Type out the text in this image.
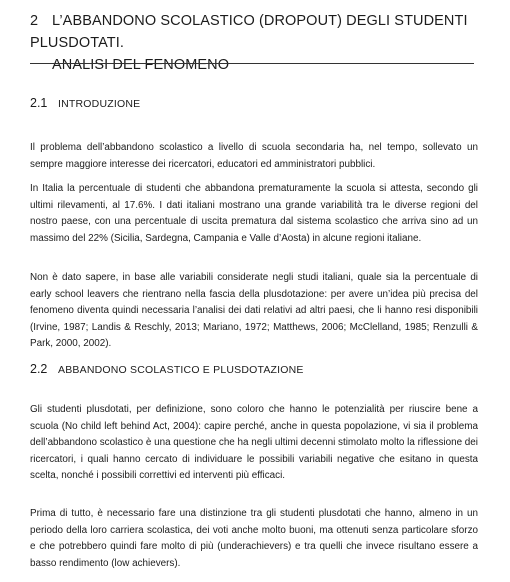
2 L’ABBANDONO SCOLASTICO (DROPOUT) DEGLI STUDENTI PLUSDOTATI.
ANALISI DEL FENOMENO
2.1 INTRODUZIONE

Il problema dell’abbandono scolastico a livello di scuola secondaria ha, nel tempo, sollevato un sempre maggiore interesse dei ricercatori, educatori ed amministratori pubblici.

In Italia la percentuale di studenti che abbandona prematuramente la scuola si attesta, secondo gli ultimi rilevamenti, al 17.6%. I dati italiani mostrano una grande variabilità tra le diverse regioni del nostro paese, con una percentuale di uscita prematura dal sistema scolastico che arriva sino ad un massimo del 22% (Sicilia, Sardegna, Campania e Valle d’Aosta) in alcune regioni italiane.

Non è dato sapere, in base alle variabili considerate negli studi italiani, quale sia la percentuale di early school leavers che rientrano nella fascia della plusdotazione: per avere un’idea più precisa del fenomeno diventa quindi necessaria l’analisi dei dati relativi ad altri paesi, che li hanno resi disponibili (Irvine, 1987; Landis & Reschly, 2013; Mariano, 1972; Matthews, 2006; McClelland, 1985; Renzulli & Park, 2000, 2002).

2.2 ABBANDONO SCOLASTICO E PLUSDOTAZIONE

Gli studenti plusdotati, per definizione, sono coloro che hanno le potenzialità per riuscire bene a scuola (No child left behind Act, 2004): capire perché, anche in questa popolazione, vi sia il problema dell’abbandono scolastico è una questione che ha negli ultimi decenni stimolato molto la riflessione dei ricercatori, i quali hanno cercato di individuare le possibili variabili negative che esitano in questa scelta, nonché i possibili correttivi ed interventi più efficaci.

Prima di tutto, è necessario fare una distinzione tra gli studenti plusdotati che hanno, almeno in un periodo della loro carriera scolastica, dei voti anche molto buoni, ma ottenuti senza particolare sforzo e che potrebbero quindi fare molto di più (underachievers) e tra quelli che invece risultano essere a basso rendimento (low achievers).
